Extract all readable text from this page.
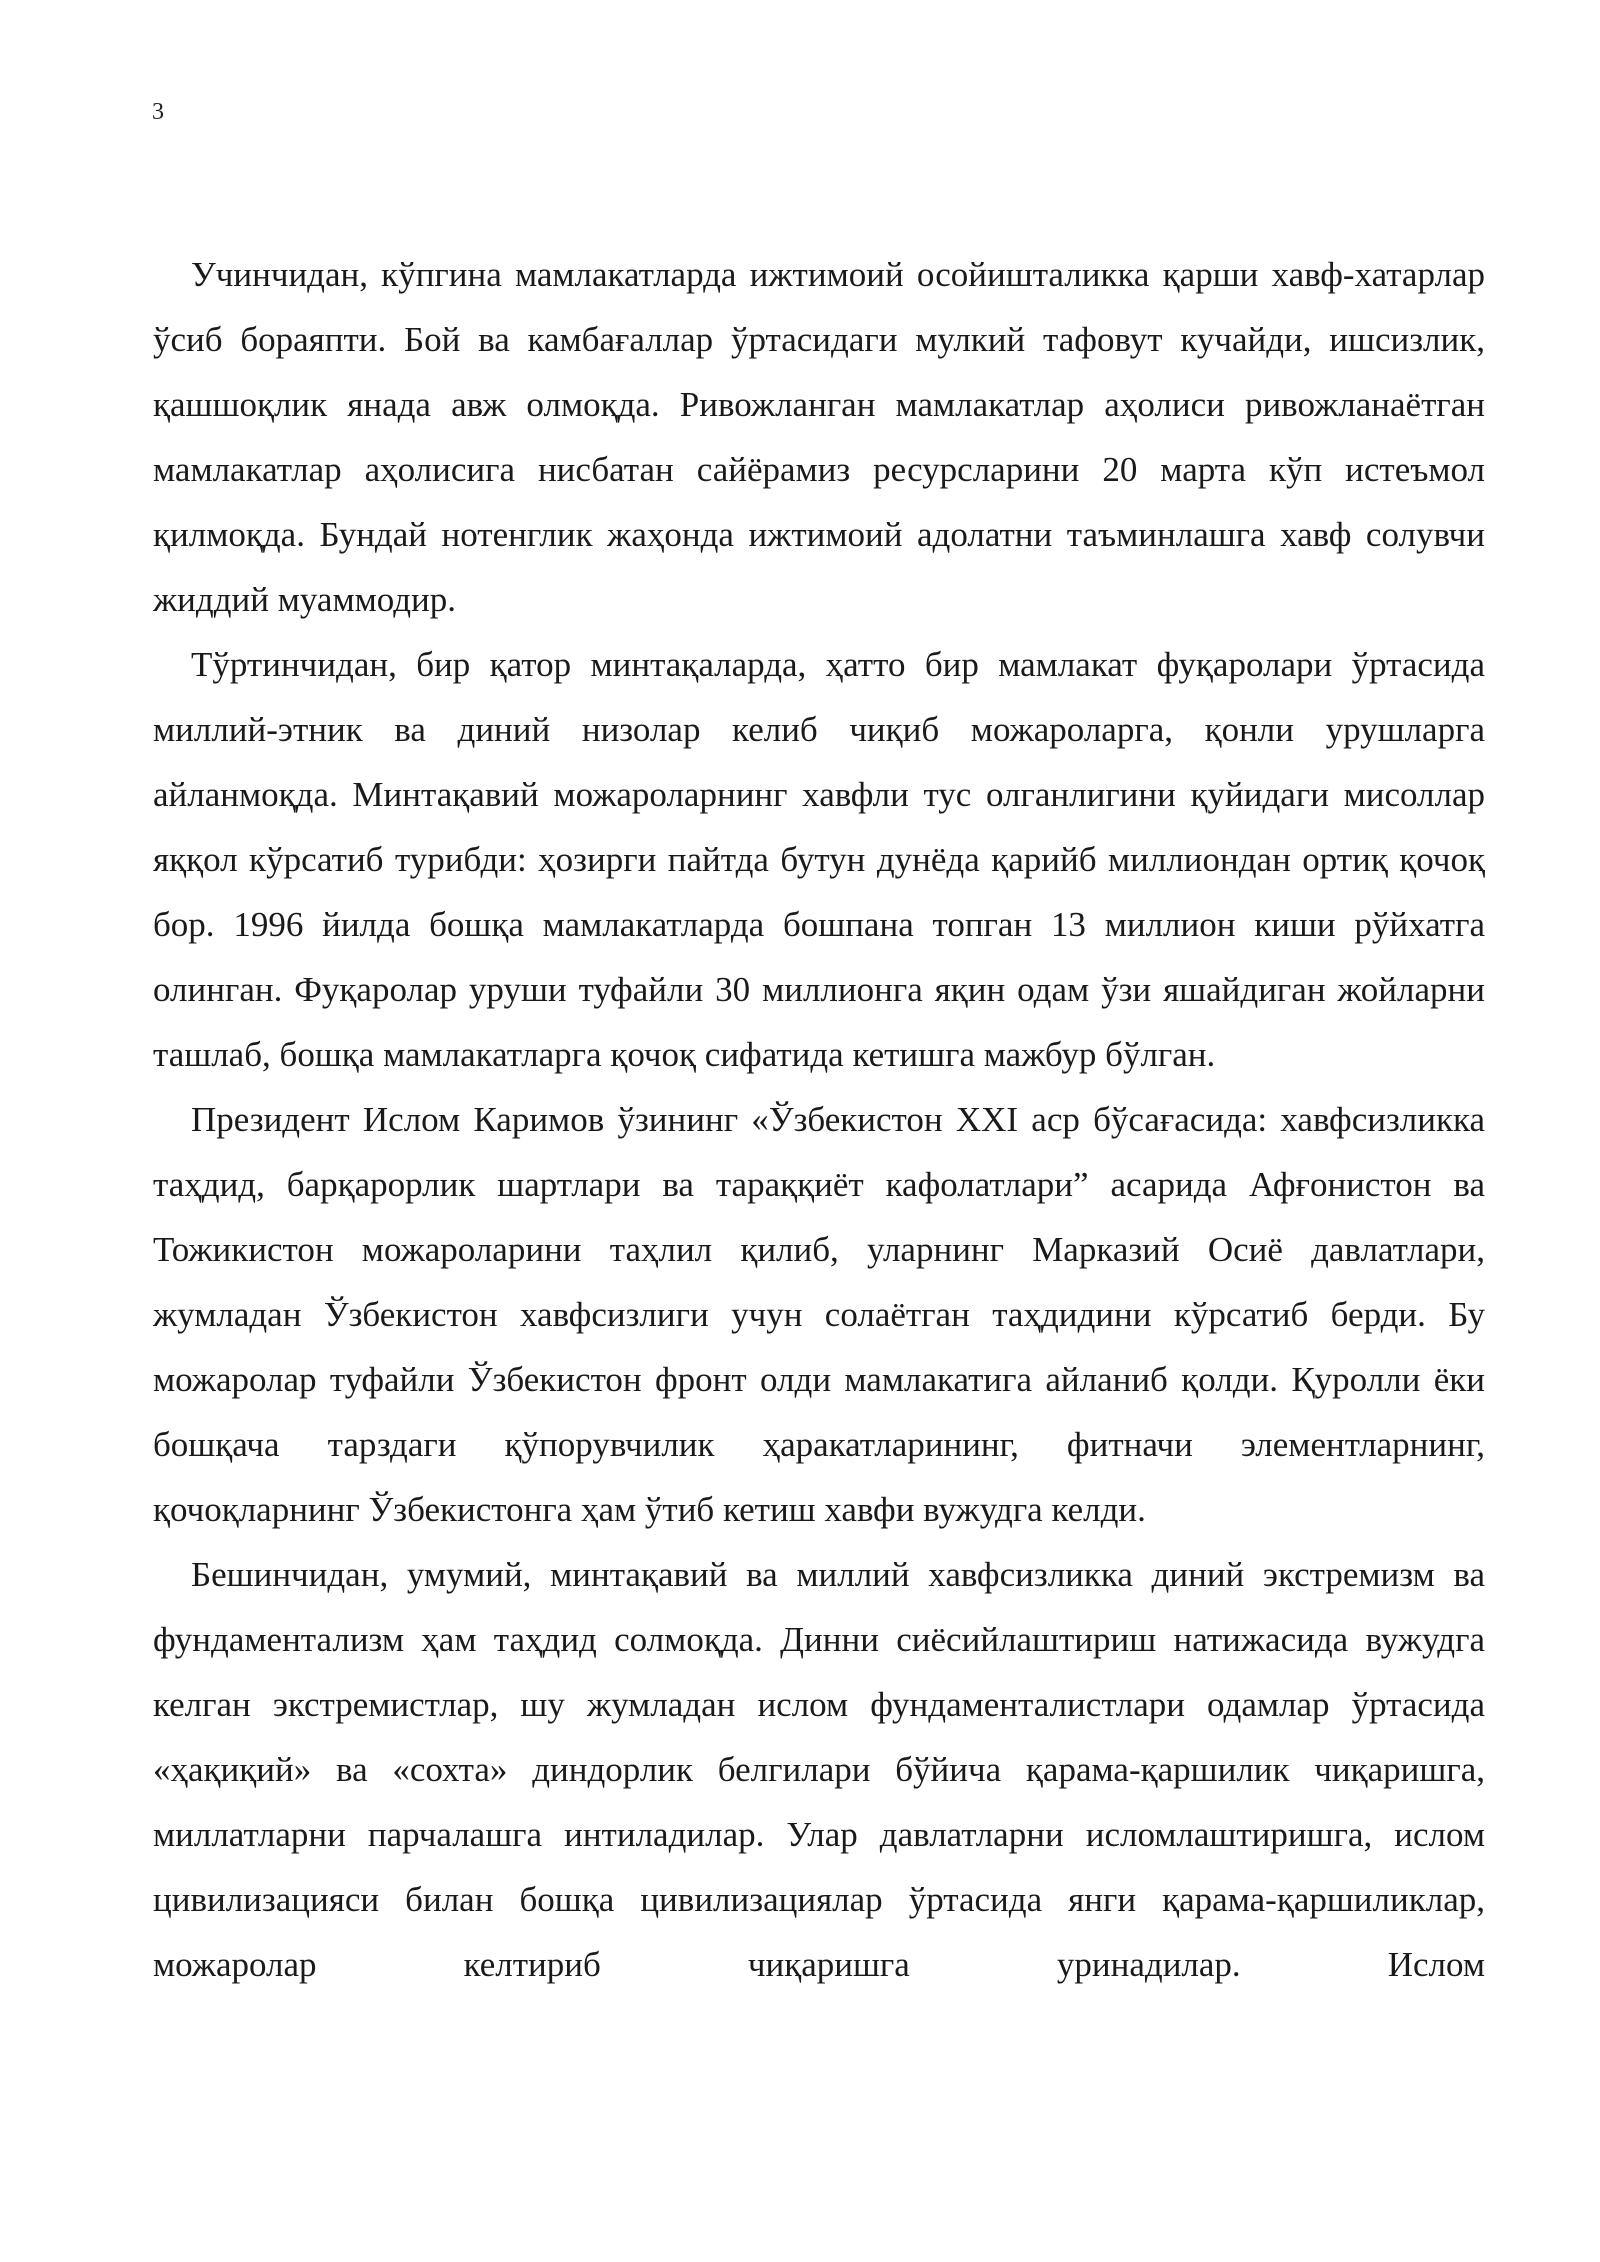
3

Учинчидан, кўпгина мамлакатларда ижтимоий осойишталикка қарши хавф-хатарлар ўсиб бораяпти. Бой ва камбағаллар ўртасидаги мулкий тафовут кучайди, ишсизлик, қашшоқлик янада авж олмоқда. Ривожланган мамлакатлар аҳолиси ривожланаётган мамлакатлар аҳолисига нисбатан сайёрамиз ресурсларини 20 марта кўп истеъмол қилмоқда. Бундай нотенглик жаҳонда ижтимоий адолатни таъминлашга хавф солувчи жиддий муаммодир.

Тўртинчидан, бир қатор минтақаларда, ҳатто бир мамлакат фуқаролари ўртасида миллий-этник ва диний низолар келиб чиқиб можароларга, қонли урушларга айланмоқда. Минтақавий можароларнинг хавфли тус олганлигини қуйидаги мисоллар яққол кўрсатиб турибди: ҳозирги пайтда бутун дунёда қарийб миллиондан ортиқ қочоқ бор. 1996 йилда бошқа мамлакатларда бошпана топган 13 миллион киши рўйхатга олинган. Фуқаролар уруши туфайли 30 миллионга яқин одам ўзи яшайдиган жойларни ташлаб, бошқа мамлакатларга қочоқ сифатида кетишга мажбур бўлган.

Президент Ислом Каримов ўзининг «Ўзбекистон XXI аср бўсағасида: хавфсизликка таҳдид, барқарорлик шартлари ва тараққиёт кафолатлари” асарида Афғонистон ва Тожикистон можароларини таҳлил қилиб, уларнинг Марказий Осиё давлатлари, жумладан Ўзбекистон хавфсизлиги учун солаётган таҳдидини кўрсатиб берди. Бу можаролар туфайли Ўзбекистон фронт олди мамлакатига айланиб қолди. Қуролли ёки бошқача тарздаги қўпорувчилик ҳаракатларининг, фитначи элементларнинг, қочоқларнинг Ўзбекистонга ҳам ўтиб кетиш хавфи вужудга келди.

Бешинчидан, умумий, минтақавий ва миллий хавфсизликка диний экстремизм ва фундаментализм ҳам таҳдид солмоқда. Динни сиёсийлаштириш натижасида вужудга келган экстремистлар, шу жумладан ислом фундаменталистлари одамлар ўртасида «ҳақиқий» ва «сохта» диндорлик белгилари бўйича қарама-қаршилик чиқаришга, миллатларни парчалашга интиладилар. Улар давлатларни исломлаштиришга, ислом цивилизацияси билан бошқа цивилизациялар ўртасида янги қарама-қаршиликлар, можаролар келтириб чиқаришга уринадилар. Ислом
